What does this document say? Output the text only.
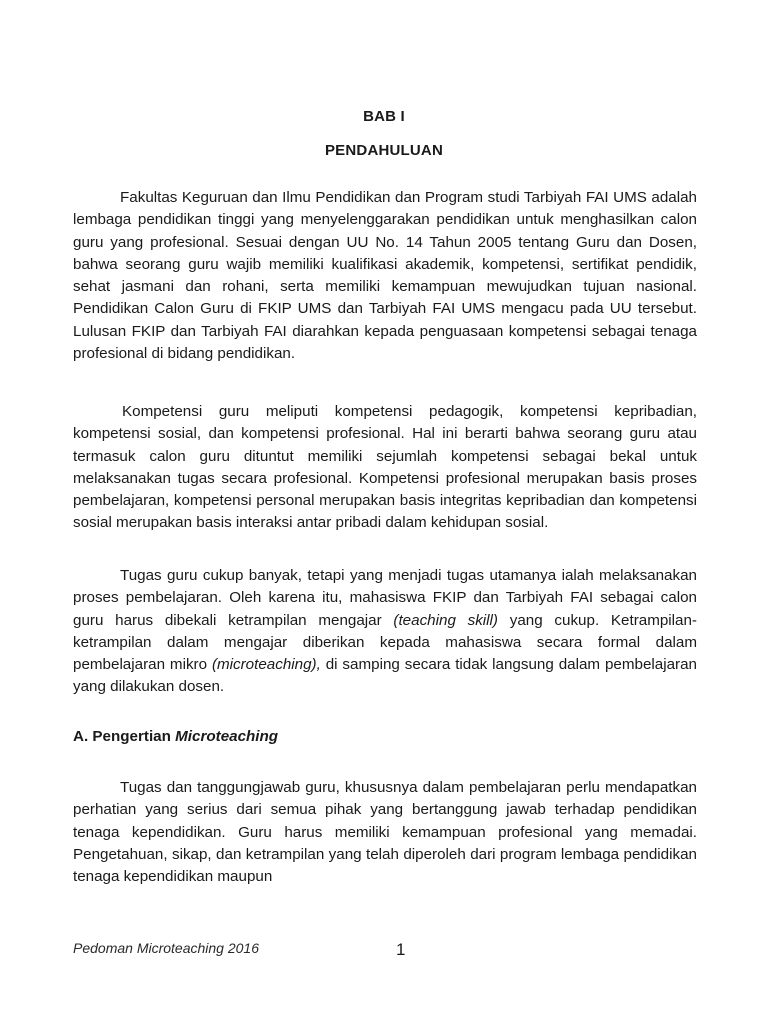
BAB I
PENDAHULUAN

Fakultas Keguruan dan Ilmu Pendidikan dan Program studi Tarbiyah FAI UMS adalah lembaga pendidikan tinggi yang menyelenggarakan pendidikan untuk menghasilkan calon guru yang profesional. Sesuai dengan UU No. 14 Tahun 2005 tentang Guru dan Dosen, bahwa seorang guru wajib memiliki kualifikasi akademik, kompetensi, sertifikat pendidik, sehat jasmani dan rohani, serta memiliki kemampuan mewujudkan tujuan nasional. Pendidikan Calon Guru di FKIP UMS dan Tarbiyah FAI UMS mengacu pada UU tersebut. Lulusan FKIP dan Tarbiyah FAI diarahkan kepada penguasaan kompetensi sebagai tenaga profesional di bidang pendidikan.

Kompetensi guru meliputi kompetensi pedagogik, kompetensi kepribadian, kompetensi sosial, dan kompetensi profesional. Hal ini berarti bahwa seorang guru atau termasuk calon guru dituntut memiliki sejumlah kompetensi sebagai bekal untuk melaksanakan tugas secara profesional. Kompetensi profesional merupakan basis proses pembelajaran, kompetensi personal merupakan basis integritas kepribadian dan kompetensi sosial merupakan basis interaksi antar pribadi dalam kehidupan sosial.

Tugas guru cukup banyak, tetapi yang menjadi tugas utamanya ialah melaksanakan proses pembelajaran. Oleh karena itu, mahasiswa FKIP dan Tarbiyah FAI sebagai calon guru harus dibekali ketrampilan mengajar (teaching skill) yang cukup. Ketrampilan-ketrampilan dalam mengajar diberikan kepada mahasiswa secara formal dalam pembelajaran mikro (microteaching), di samping secara tidak langsung dalam pembelajaran yang dilakukan dosen.

A. Pengertian Microteaching

Tugas dan tanggungjawab guru, khususnya dalam pembelajaran perlu mendapatkan perhatian yang serius dari semua pihak yang bertanggung jawab terhadap pendidikan tenaga kependidikan. Guru harus memiliki kemampuan profesional yang memadai. Pengetahuan, sikap, dan ketrampilan yang telah diperoleh dari program lembaga pendidikan tenaga kependidikan maupun

Pedoman Microteaching 2016	1
